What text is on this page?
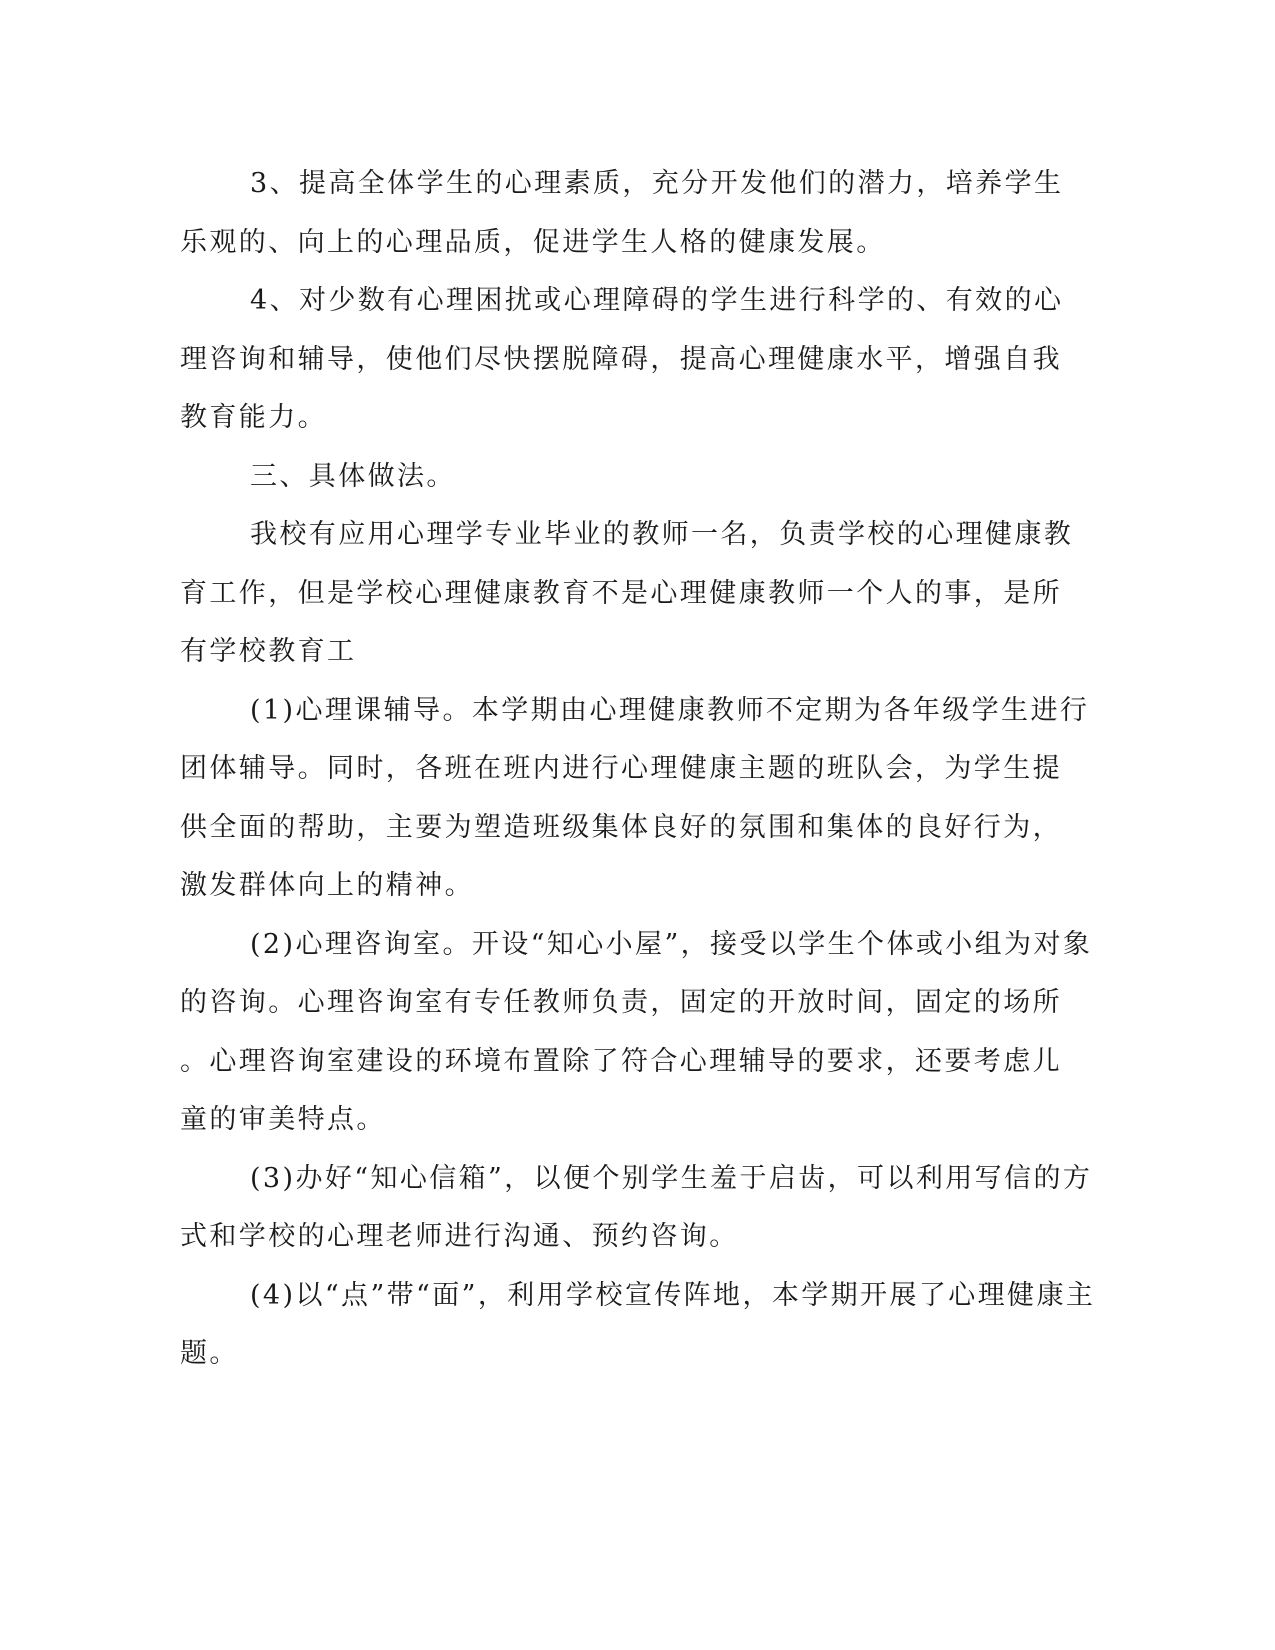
3、提高全体学生的心理素质，充分开发他们的潜力，培养学生
乐观的、向上的心理品质，促进学生人格的健康发展。
4、对少数有心理困扰或心理障碍的学生进行科学的、有效的心
理咨询和辅导，使他们尽快摆脱障碍，提高心理健康水平，增强自我
教育能力。
三、具体做法。
我校有应用心理学专业毕业的教师一名，负责学校的心理健康教
育工作，但是学校心理健康教育不是心理健康教师一个人的事，是所
有学校教育工
(1)心理课辅导。本学期由心理健康教师不定期为各年级学生进行
团体辅导。同时，各班在班内进行心理健康主题的班队会，为学生提
供全面的帮助，主要为塑造班级集体良好的氛围和集体的良好行为，
激发群体向上的精神。
(2)心理咨询室。开设“知心小屋”，接受以学生个体或小组为对象
的咨询。心理咨询室有专任教师负责，固定的开放时间，固定的场所
。心理咨询室建设的环境布置除了符合心理辅导的要求，还要考虑儿
童的审美特点。
(3)办好“知心信箱”，以便个别学生羞于启齿，可以利用写信的方
式和学校的心理老师进行沟通、预约咨询。
(4)以“点”带“面”，利用学校宣传阵地，本学期开展了心理健康主
题。
